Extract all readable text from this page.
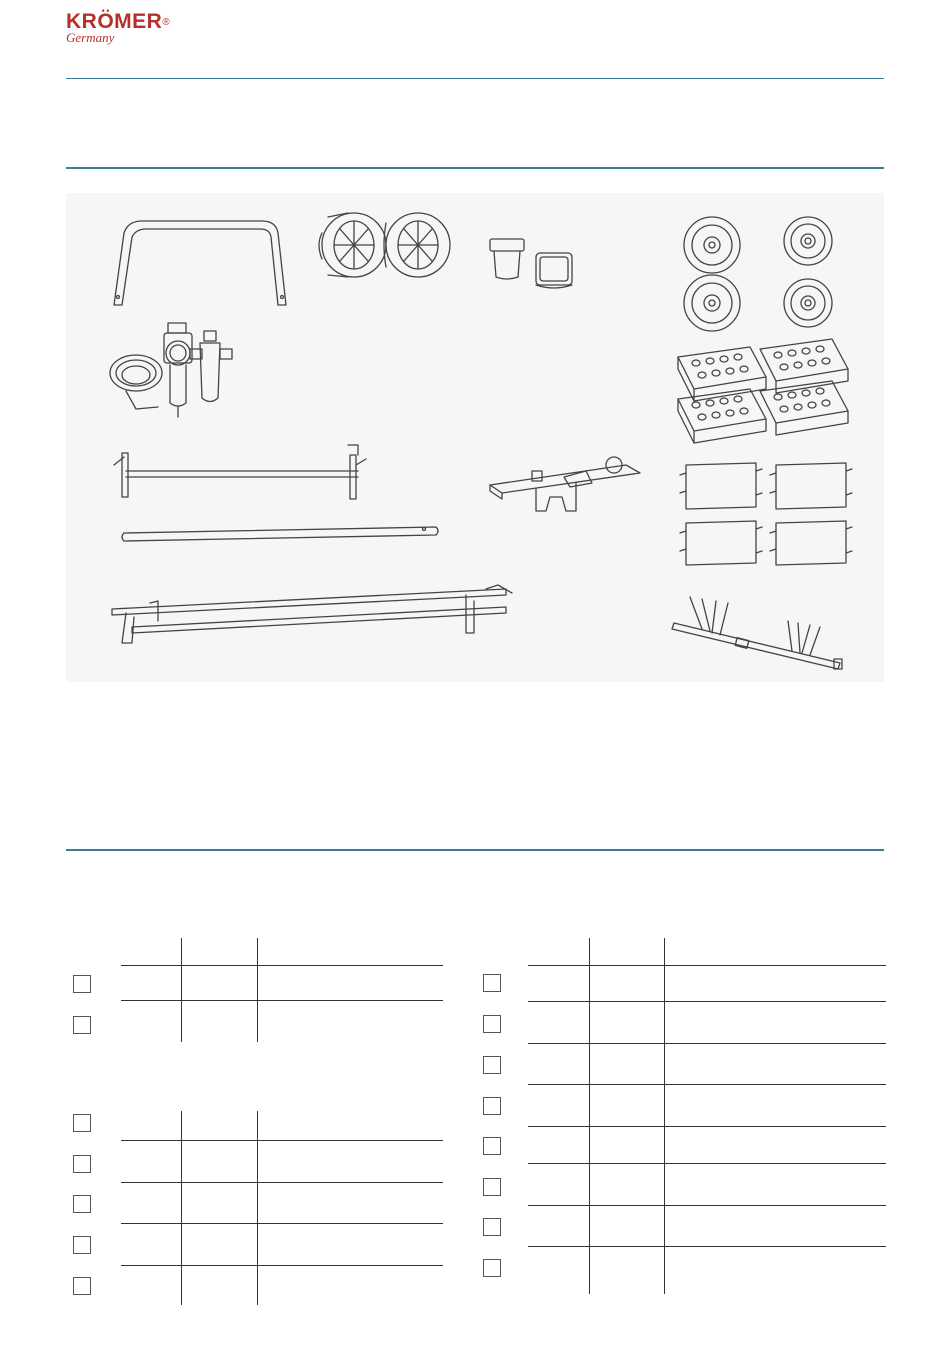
KRÖMER®
Germany
